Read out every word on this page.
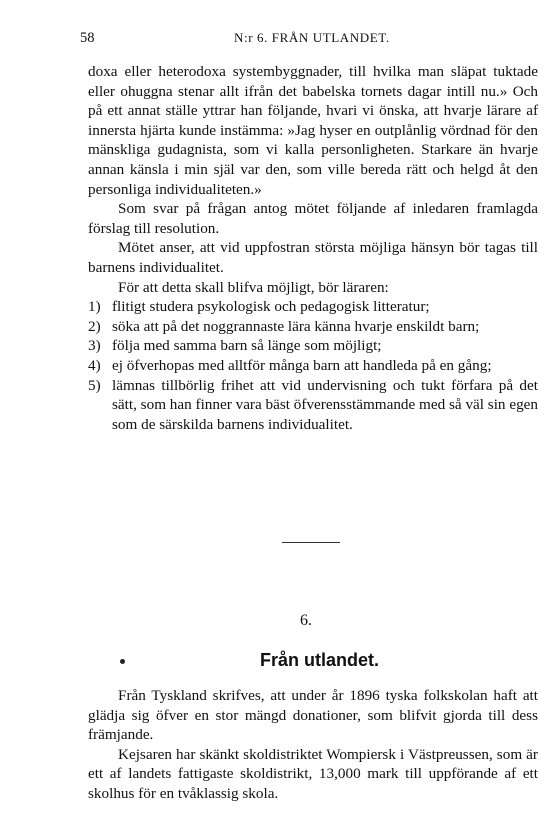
58	N:r 6. FRÅN UTLANDET.

doxa eller heterodoxa systembyggnader, till hvilka man släpat tuktade eller ohuggna stenar allt ifrån det babelska tornets dagar intill nu.» Och på ett annat ställe yttrar han följande, hvari vi önska, att hvarje lärare af innersta hjärta kunde instämma: »Jag hyser en outplånlig vördnad för den mänskliga gudagnista, som vi kalla personligheten. Starkare än hvarje annan känsla i min själ var den, som ville bereda rätt och helgd åt den personliga individualiteten.»

Som svar på frågan antog mötet följande af inledaren framlagda förslag till resolution.

Mötet anser, att vid uppfostran största möjliga hänsyn bör tagas till barnens individualitet.

För att detta skall blifva möjligt, bör läraren:

1) flitigt studera psykologisk och pedagogisk litteratur;
2) söka att på det noggrannaste lära känna hvarje enskildt barn;
3) följa med samma barn så länge som möjligt;
4) ej öfverhopas med alltför många barn att handleda på en gång;
5) lämnas tillbörlig frihet att vid undervisning och tukt förfara på det sätt, som han finner vara bäst öfverensstämmande med så väl sin egen som de särskilda barnens individualitet.
6.
Från utlandet.

Från Tyskland skrifves, att under år 1896 tyska folkskolan haft att glädja sig öfver en stor mängd donationer, som blifvit gjorda till dess främjande.

Kejsaren har skänkt skoldistriktet Wompiersk i Västpreussen, som är ett af landets fattigaste skoldistrikt, 13,000 mark till uppförande af ett skolhus för en tvåklassig skola.
